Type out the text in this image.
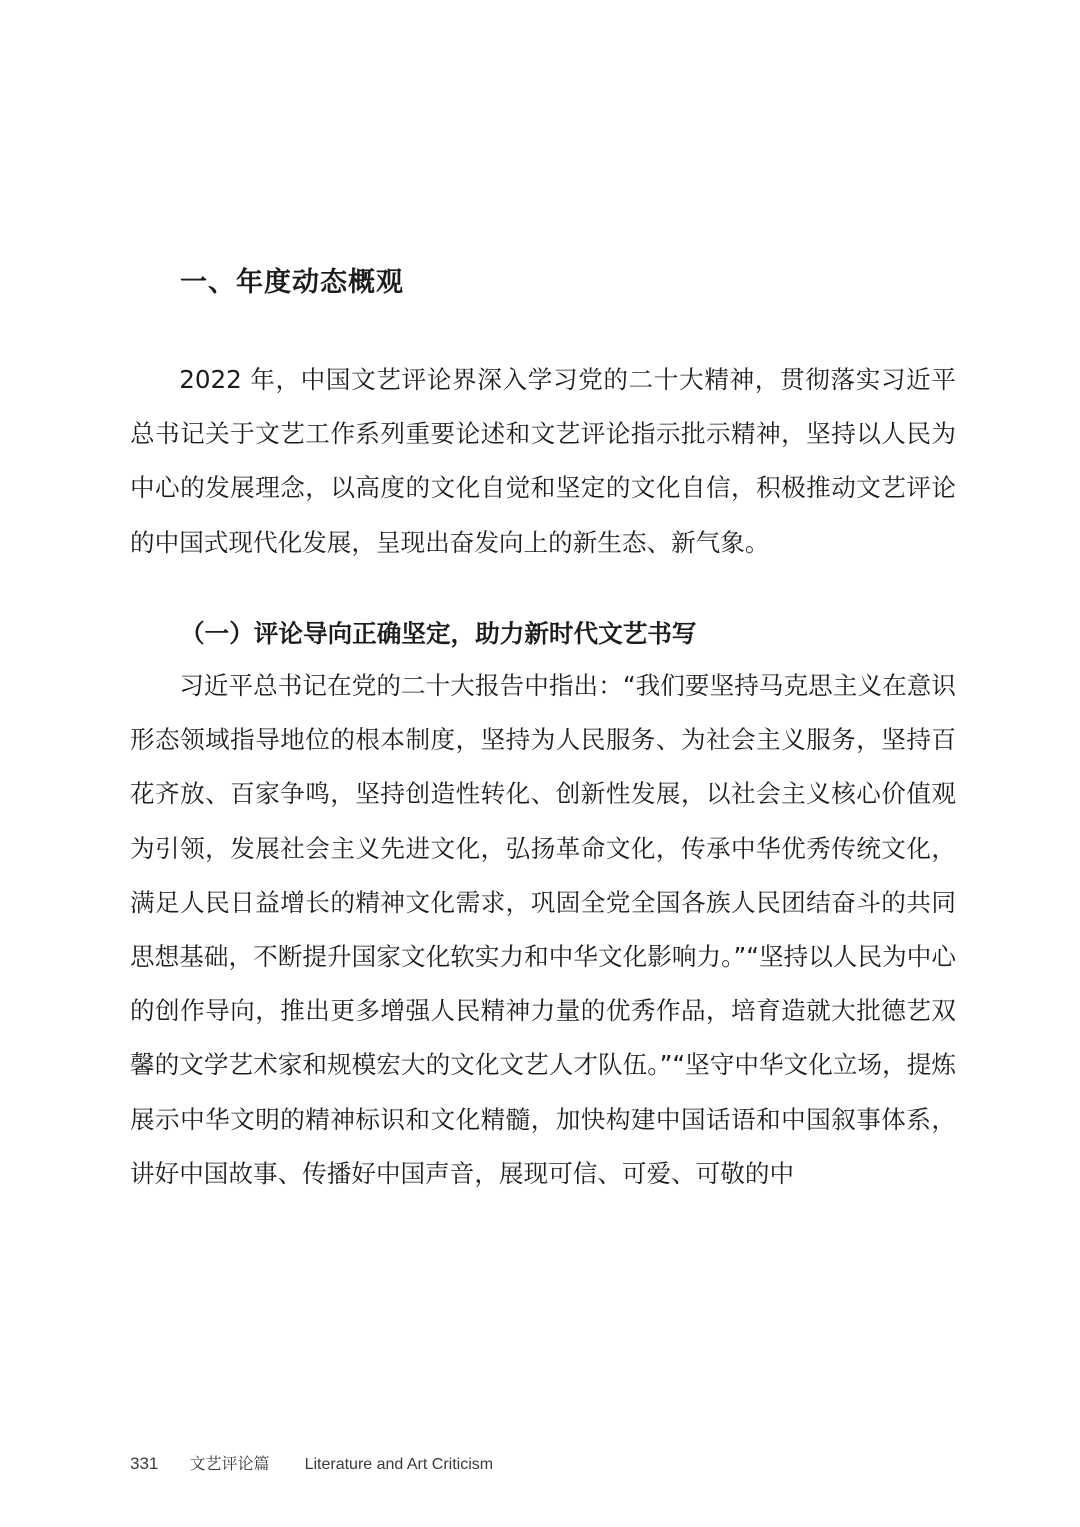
一、年度动态概观

2022 年，中国文艺评论界深入学习党的二十大精神，贯彻落实习近平总书记关于文艺工作系列重要论述和文艺评论指示批示精神，坚持以人民为中心的发展理念，以高度的文化自觉和坚定的文化自信，积极推动文艺评论的中国式现代化发展，呈现出奋发向上的新生态、新气象。

（一）评论导向正确坚定，助力新时代文艺书写

习近平总书记在党的二十大报告中指出：“我们要坚持马克思主义在意识形态领域指导地位的根本制度，坚持为人民服务、为社会主义服务，坚持百花齐放、百家争鸣，坚持创造性转化、创新性发展，以社会主义核心价值观为引领，发展社会主义先进文化，弘扬革命文化，传承中华优秀传统文化，满足人民日益增长的精神文化需求，巩固全党全国各族人民团结奋斗的共同思想基础，不断提升国家文化软实力和中华文化影响力。”“坚持以人民为中心的创作导向，推出更多增强人民精神力量的优秀作品，培育造就大批德艺双馨的文学艺术家和规模宏大的文化文艺人才队伍。”“坚守中华文化立场，提炼展示中华文明的精神标识和文化精髓，加快构建中国话语和中国叙事体系，讲好中国故事、传播好中国声音，展现可信、可爱、可敬的中

331 文艺评论篇 Literature and Art Criticism
